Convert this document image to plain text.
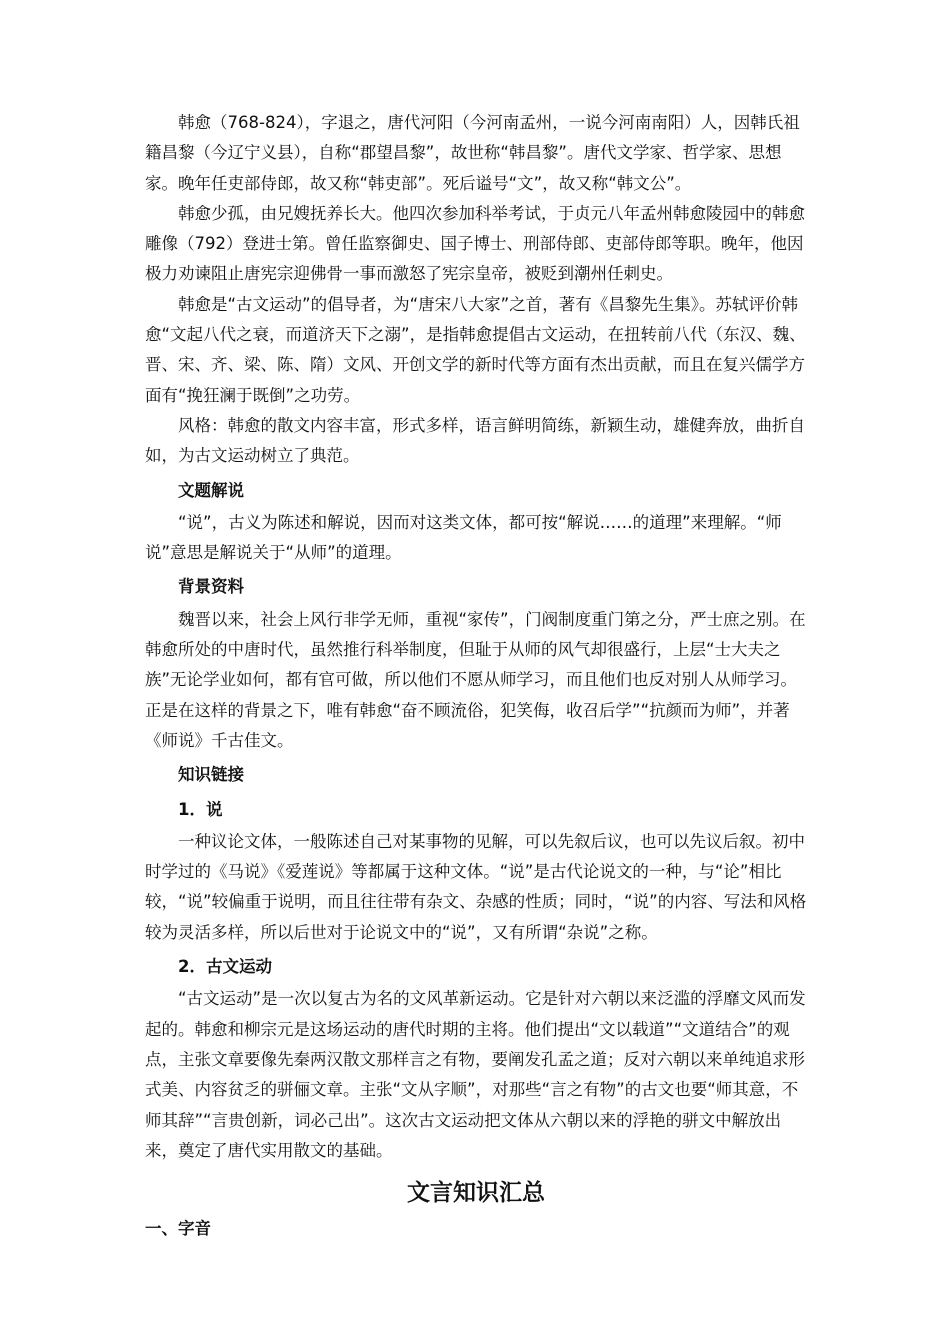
韩愈（768-824），字退之，唐代河阳（今河南孟州，一说今河南南阳）人，因韩氏祖籍昌黎（今辽宁义县），自称“郡望昌黎”，故世称“韩昌黎”。唐代文学家、哲学家、思想家。晚年任吏部侍郎，故又称“韩吏部”。死后谥号“文”，故又称“韩文公”。

韩愈少孤，由兄嫂抚养长大。他四次参加科举考试，于贞元八年孟州韩愈陵园中的韩愈雕像（792）登进士第。曾任监察御史、国子博士、刑部侍郎、吏部侍郎等职。晚年，他因极力劝谏阻止唐宪宗迎佛骨一事而激怒了宪宗皇帝，被贬到潮州任刺史。

韩愈是“古文运动”的倡导者，为“唐宋八大家”之首，著有《昌黎先生集》。苏轼评价韩愈“文起八代之衰，而道济天下之溺”，是指韩愈提倡古文运动，在扭转前八代（东汉、魏、晋、宋、齐、梁、陈、隋）文风、开创文学的新时代等方面有杰出贡献，而且在复兴儒学方面有“挽狂澜于既倒”之功劳。

风格：韩愈的散文内容丰富，形式多样，语言鲜明简练，新颖生动，雄健奔放，曲折自如，为古文运动树立了典范。

文题解说

“说”，古义为陈述和解说，因而对这类文体，都可按“解说……的道理”来理解。“师说”意思是解说关于“从师”的道理。

背景资料

魏晋以来，社会上风行非学无师，重视“家传”，门阀制度重门第之分，严士庶之别。在韩愈所处的中唐时代，虽然推行科举制度，但耻于从师的风气却很盛行，上层“士大夫之族”无论学业如何，都有官可做，所以他们不愿从师学习，而且他们也反对别人从师学习。正是在这样的背景之下，唯有韩愈“奋不顾流俗，犯笑侮，收召后学”“抗颜而为师”，并著《师说》千古佳文。

知识链接

1．说

一种议论文体，一般陈述自己对某事物的见解，可以先叙后议，也可以先议后叙。初中时学过的《马说》《爱莲说》等都属于这种文体。“说”是古代论说文的一种，与“论”相比较，“说”较偏重于说明，而且往往带有杂文、杂感的性质；同时，“说”的内容、写法和风格较为灵活多样，所以后世对于论说文中的“说”，又有所谓“杂说”之称。

2．古文运动

“古文运动”是一次以复古为名的文风革新运动。它是针对六朝以来泛滥的浮靡文风而发起的。韩愈和柳宗元是这场运动的唐代时期的主将。他们提出“文以载道”“文道结合”的观点，主张文章要像先秦两汉散文那样言之有物，要阐发孔孟之道；反对六朝以来单纯追求形式美、内容贫乏的骈俪文章。主张“文从字顺”，对那些“言之有物”的古文也要“师其意，不师其辞”“言贵创新，词必己出”。这次古文运动把文体从六朝以来的浮艳的骈文中解放出来，奠定了唐代实用散文的基础。

文言知识汇总

一、字音
